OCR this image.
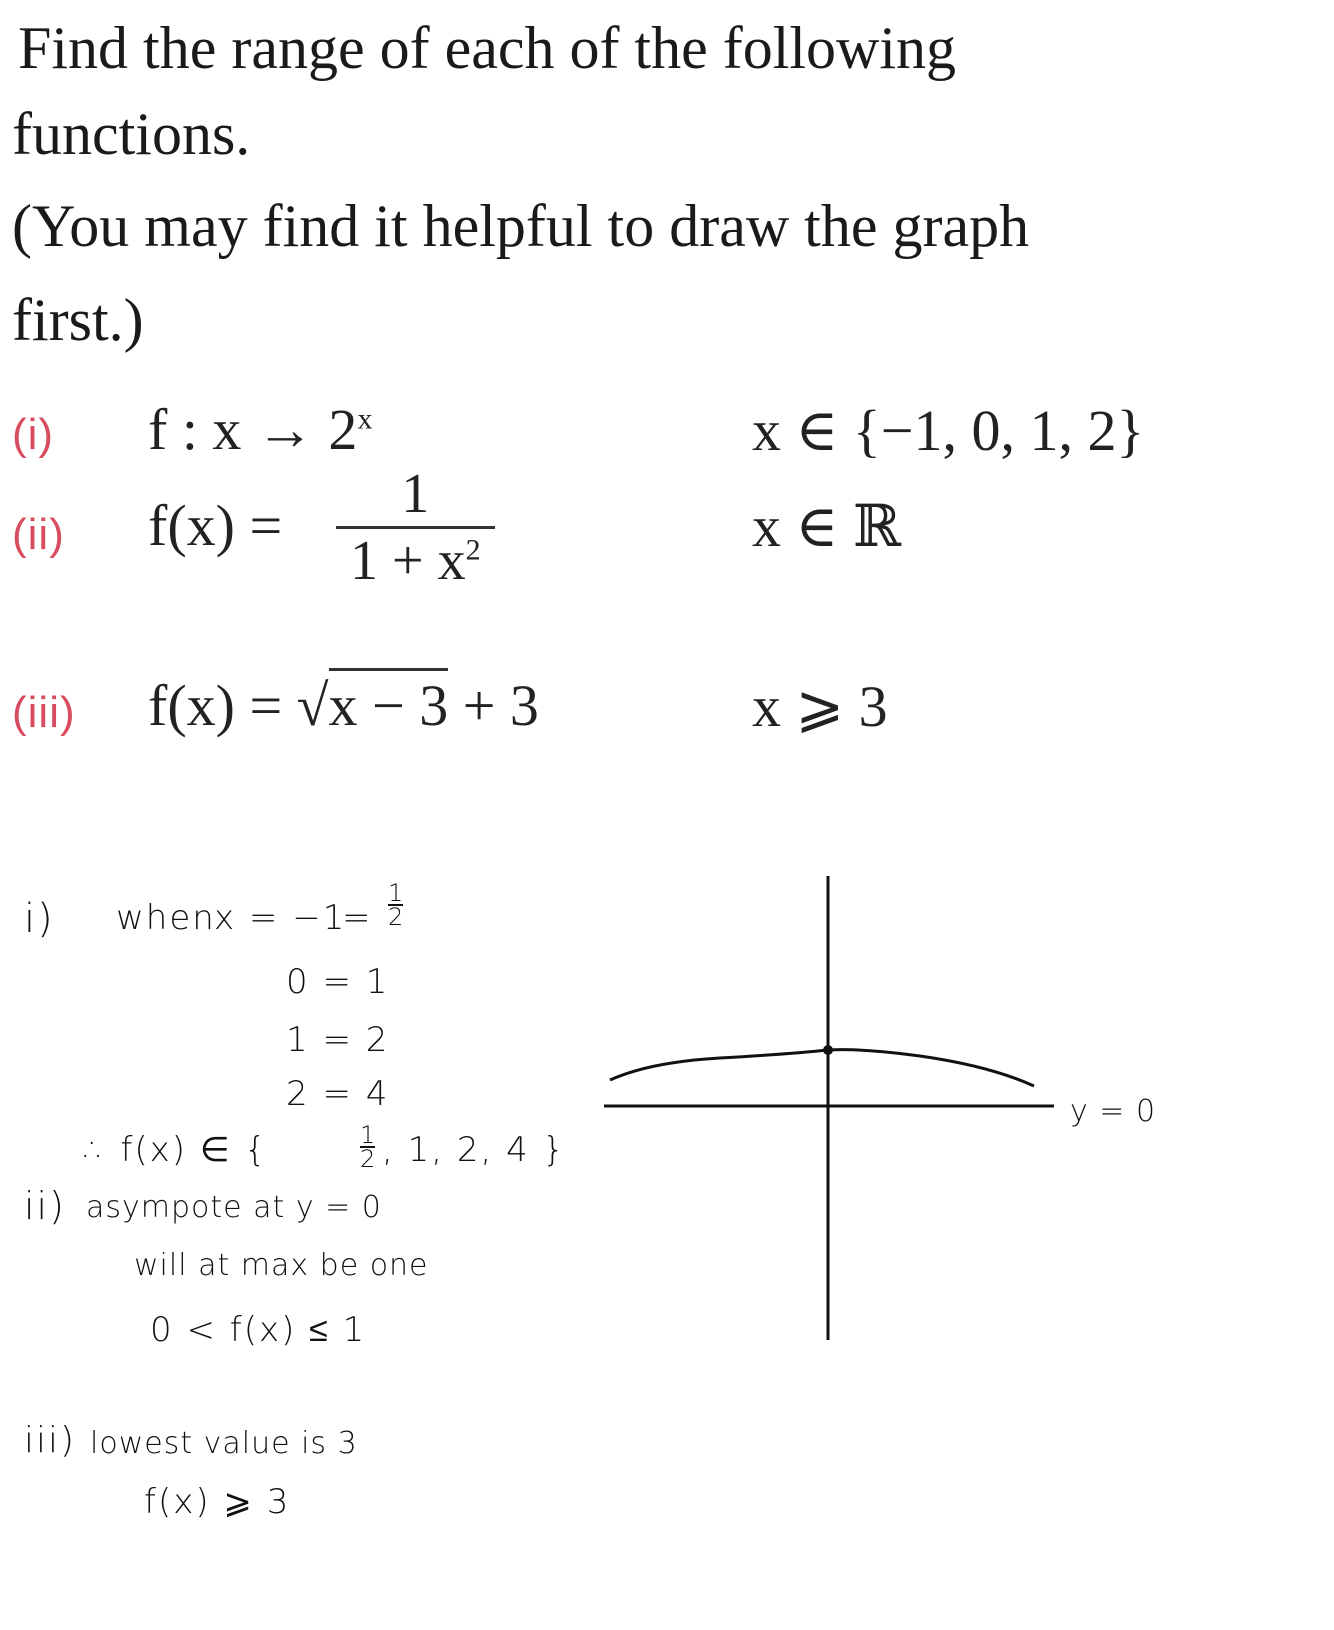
Find the range of each of the following
functions.
(You may find it helpful to draw the graph
first.)
(i) f : $x \to 2^x$	x ∈ {−1, 0, 1, 2}
(ii) $f(x) = \frac{1}{1 + x^2}$	x ∈ ℝ
(iii) f(x) = √x − 3 + 3	x ⩾ 3
i) when
x = −1
= $\frac{1}{2}$
0 = 1
1 = 2
2 = 4
∴ f(x) ∈ {	$\frac{1}{2}$ , 1, 2, 4 }
ii) asympote at y = 0
will at max be one
0 < f(x) ≤ 1
iii) lowest value is 3
f(x) ⩾ 3
y = 0
